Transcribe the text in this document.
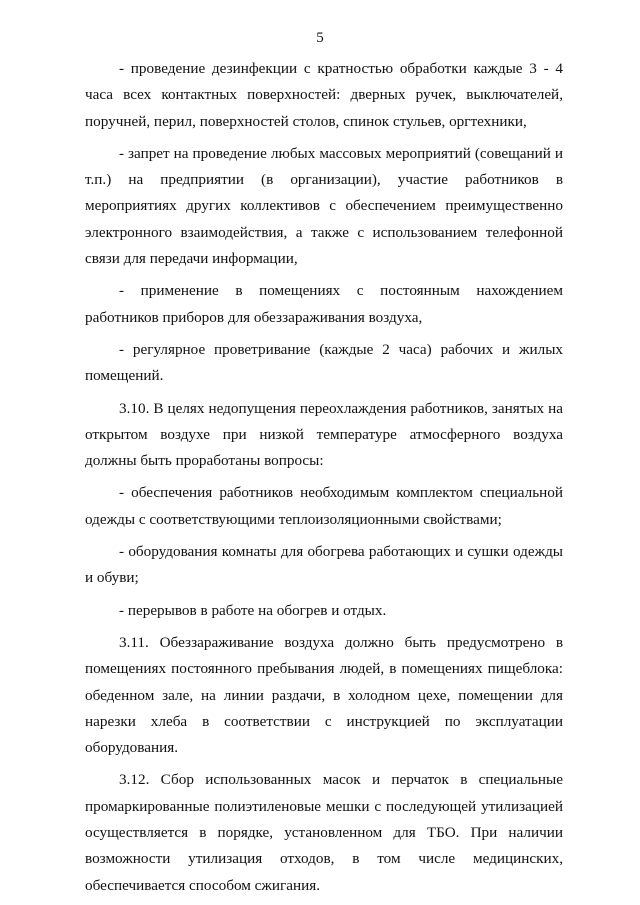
5

- проведение дезинфекции с кратностью обработки каждые 3 - 4 часа всех контактных поверхностей: дверных ручек, выключателей, поручней, перил, поверхностей столов, спинок стульев, оргтехники,

- запрет на проведение любых массовых мероприятий (совещаний и т.п.) на предприятии (в организации), участие работников в мероприятиях других коллективов с обеспечением преимущественно электронного взаимодействия, а также с использованием телефонной связи для передачи информации,

- применение в помещениях с постоянным нахождением работников приборов для обеззараживания воздуха,

- регулярное проветривание (каждые 2 часа) рабочих и жилых помещений.

3.10. В целях недопущения переохлаждения работников, занятых на открытом воздухе при низкой температуре атмосферного воздуха должны быть проработаны вопросы:

- обеспечения работников необходимым комплектом специальной одежды с соответствующими теплоизоляционными свойствами;

- оборудования комнаты для обогрева работающих и сушки одежды и обуви;

- перерывов в работе на обогрев и отдых.

3.11. Обеззараживание воздуха должно быть предусмотрено в помещениях постоянного пребывания людей, в помещениях пищеблока: обеденном зале, на линии раздачи, в холодном цехе, помещении для нарезки хлеба в соответствии с инструкцией по эксплуатации оборудования.

3.12. Сбор использованных масок и перчаток в специальные промаркированные полиэтиленовые мешки с последующей утилизацией осуществляется в порядке, установленном для ТБО. При наличии возможности утилизация отходов, в том числе медицинских, обеспечивается способом сжигания.
